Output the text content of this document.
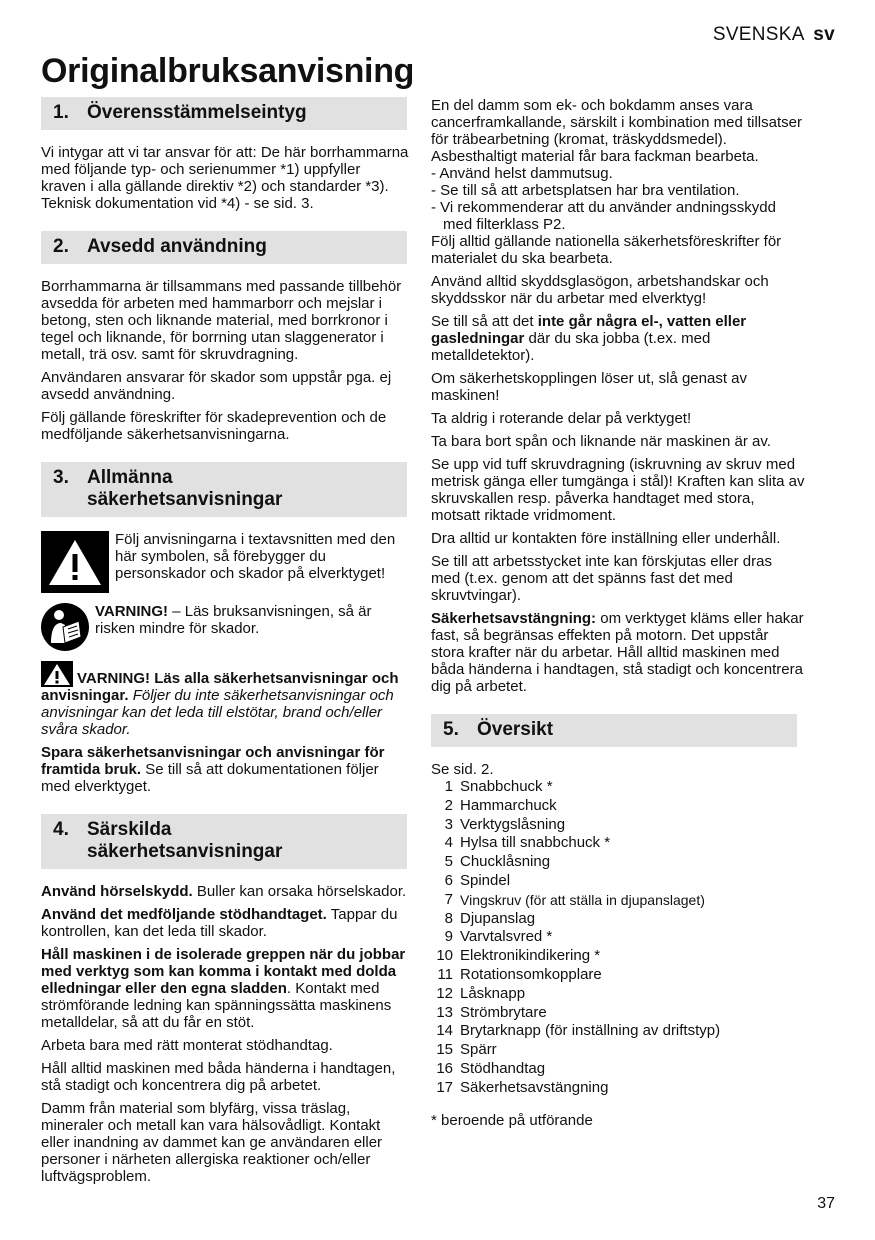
SVENSKA sv
Originalbruksanvisning
1. Överensstämmelseintyg

Vi intygar att vi tar ansvar för att: De här borrhammarna med följande typ- och serienummer *1) uppfyller kraven i alla gällande direktiv *2) och standarder *3). Teknisk dokumentation vid *4) - se sid. 3.

2. Avsedd användning

Borrhammarna är tillsammans med passande tillbehör avsedda för arbeten med hammarborr och mejslar i betong, sten och liknande material, med borrkronor i tegel och liknande, för borrning utan slaggenerator i metall, trä osv. samt för skruvdragning.

Användaren ansvarar för skador som uppstår pga. ej avsedd användning.

Följ gällande föreskrifter för skadeprevention och de medföljande säkerhetsanvisningarna.

3. Allmänna
säkerhetsanvisningar
Följ anvisningarna i textavsnitten med den här symbolen, så förebygger du personskador och skador på elverktyget!
VARNING! – Läs bruksanvisningen, så är risken mindre för skador.

VARNING! Läs alla säkerhetsanvisningar och anvisningar. Följer du inte säkerhetsanvisningar och anvisningar kan det leda till elstötar, brand och/eller svåra skador.

Spara säkerhetsanvisningar och anvisningar för framtida bruk. Se till så att dokumentationen följer med elverktyget.

4. Särskilda
säkerhetsanvisningar

Använd hörselskydd. Buller kan orsaka hörselskador.

Använd det medföljande stödhandtaget. Tappar du kontrollen, kan det leda till skador.

Håll maskinen i de isolerade greppen när du jobbar med verktyg som kan komma i kontakt med dolda elledningar eller den egna sladden. Kontakt med strömförande ledning kan spänningssätta maskinens metalldelar, så att du får en stöt.

Arbeta bara med rätt monterat stödhandtag.

Håll alltid maskinen med båda händerna i handtagen, stå stadigt och koncentrera dig på arbetet.

Damm från material som blyfärg, vissa träslag, mineraler och metall kan vara hälsovådligt. Kontakt eller inandning av dammet kan ge användaren eller personer i närheten allergiska reaktioner och/eller luftvägsproblem.

En del damm som ek- och bokdamm anses vara cancerframkallande, särskilt i kombination med tillsatser för träbearbetning (kromat, träskyddsmedel). Asbesthaltigt material får bara fackman bearbeta.

- Använd helst dammutsug.
- Se till så att arbetsplatsen har bra ventilation.
- Vi rekommenderar att du använder andningsskydd med filterklass P2.

Följ alltid gällande nationella säkerhetsföreskrifter för materialet du ska bearbeta.

Använd alltid skyddsglasögon, arbetshandskar och skyddsskor när du arbetar med elverktyg!

Se till så att det inte går några el-, vatten eller gasledningar där du ska jobba (t.ex. med metalldetektor).

Om säkerhetskopplingen löser ut, slå genast av maskinen!

Ta aldrig i roterande delar på verktyget!

Ta bara bort spån och liknande när maskinen är av.

Se upp vid tuff skruvdragning (iskruvning av skruv med metrisk gänga eller tumgänga i stål)! Kraften kan slita av skruvskallen resp. påverka handtaget med stora, motsatt riktade vridmoment.

Dra alltid ur kontakten före inställning eller underhåll.

Se till att arbetsstycket inte kan förskjutas eller dras med (t.ex. genom att det spänns fast det med skruvtvingar).

Säkerhetsavstängning: om verktyget kläms eller hakar fast, så begränsas effekten på motorn. Det uppstår stora krafter när du arbetar. Håll alltid maskinen med båda händerna i handtagen, stå stadigt och koncentrera dig på arbetet.

5. Översikt

Se sid. 2.

1 Snabbchuck *
2 Hammarchuck
3 Verktygslåsning
4 Hylsa till snabbchuck *
5 Chucklåsning
6 Spindel
7 Vingskruv (för att ställa in djupanslaget)
8 Djupanslag
9 Varvtalsvred *
10 Elektronikindikering *
11 Rotationsomkopplare
12 Låsknapp
13 Strömbrytare
14 Brytarknapp (för inställning av driftstyp)
15 Spärr
16 Stödhandtag
17 Säkerhetsavstängning

* beroende på utförande

37
